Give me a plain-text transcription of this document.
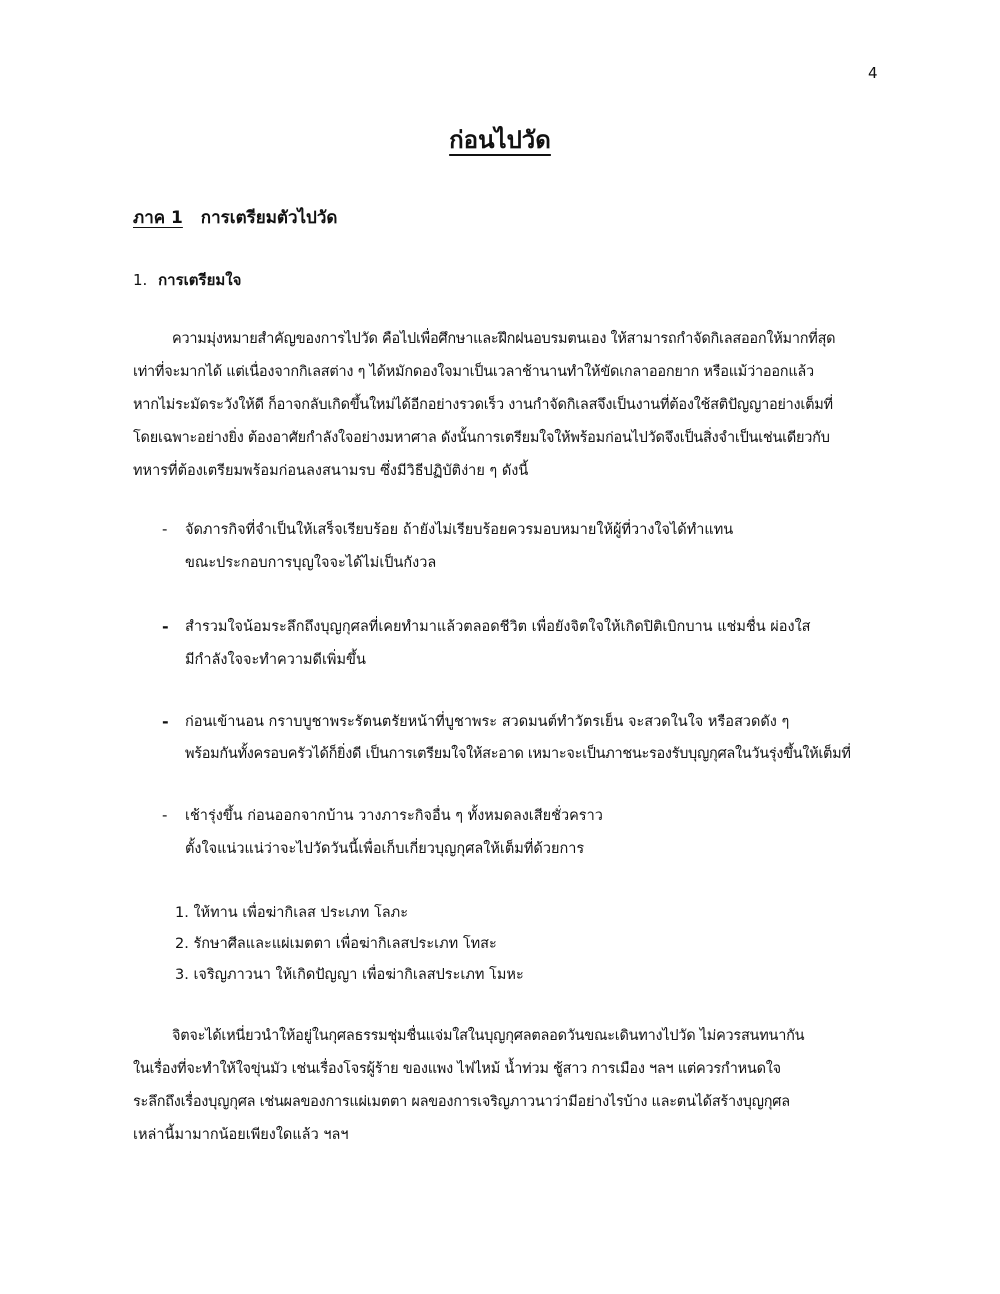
4
ก่อนไปวัด
ภาค 1 การเตรียมตัวไปวัด
1. การเตรียมใจ
ความมุ่งหมายสำคัญของการไปวัด คือไปเพื่อศึกษาและฝึกฝนอบรมตนเอง ให้สามารถกำจัดกิเลสออกให้มากที่สุด
เท่าที่จะมากได้ แต่เนื่องจากกิเลสต่าง ๆ ได้หมักดองใจมาเป็นเวลาช้านานทำให้ขัดเกลาออกยาก หรือแม้ว่าออกแล้ว
หากไม่ระมัดระวังให้ดี ก็อาจกลับเกิดขึ้นใหม่ได้อีกอย่างรวดเร็ว งานกำจัดกิเลสจึงเป็นงานที่ต้องใช้สติปัญญาอย่างเต็มที่
โดยเฉพาะอย่างยิ่ง ต้องอาศัยกำลังใจอย่างมหาศาล ดังนั้นการเตรียมใจให้พร้อมก่อนไปวัดจึงเป็นสิ่งจำเป็นเช่นเดียวกับ
ทหารที่ต้องเตรียมพร้อมก่อนลงสนามรบ ซึ่งมีวิธีปฏิบัติง่าย ๆ ดังนี้
- จัดภารกิจที่จำเป็นให้เสร็จเรียบร้อย ถ้ายังไม่เรียบร้อยควรมอบหมายให้ผู้ที่วางใจได้ทำแทน
ขณะประกอบการบุญใจจะได้ไม่เป็นกังวล
- สำรวมใจน้อมระลึกถึงบุญกุศลที่เคยทำมาแล้วตลอดชีวิต เพื่อยังจิตใจให้เกิดปิติเบิกบาน แช่มชื่น ผ่องใส
มีกำลังใจจะทำความดีเพิ่มขึ้น
- ก่อนเข้านอน กราบบูชาพระรัตนตรัยหน้าที่บูชาพระ สวดมนต์ทำวัตรเย็น จะสวดในใจ หรือสวดดัง ๆ
พร้อมกันทั้งครอบครัวได้ก็ยิ่งดี เป็นการเตรียมใจให้สะอาด เหมาะจะเป็นภาชนะรองรับบุญกุศลในวันรุ่งขึ้นให้เต็มที่
- เช้ารุ่งขึ้น ก่อนออกจากบ้าน วางภาระกิจอื่น ๆ ทั้งหมดลงเสียชั่วคราว
ตั้งใจแน่วแน่ว่าจะไปวัดวันนี้เพื่อเก็บเกี่ยวบุญกุศลให้เต็มที่ด้วยการ
1. ให้ทาน เพื่อฆ่ากิเลส ประเภท โลภะ
2. รักษาศีลและแผ่เมตตา เพื่อฆ่ากิเลสประเภท โทสะ
3. เจริญภาวนา ให้เกิดปัญญา เพื่อฆ่ากิเลสประเภท โมหะ
จิตจะได้เหนี่ยวนำให้อยู่ในกุศลธรรมชุ่มชื่นแจ่มใสในบุญกุศลตลอดวันขณะเดินทางไปวัด ไม่ควรสนทนากัน
ในเรื่องที่จะทำให้ใจขุ่นมัว เช่นเรื่องโจรผู้ร้าย ของแพง ไฟไหม้ น้ำท่วม ชู้สาว การเมือง ฯลฯ แต่ควรกำหนดใจ
ระลึกถึงเรื่องบุญกุศล เช่นผลของการแผ่เมตตา ผลของการเจริญภาวนาว่ามีอย่างไรบ้าง และตนได้สร้างบุญกุศล
เหล่านี้มามากน้อยเพียงใดแล้ว ฯลฯ
